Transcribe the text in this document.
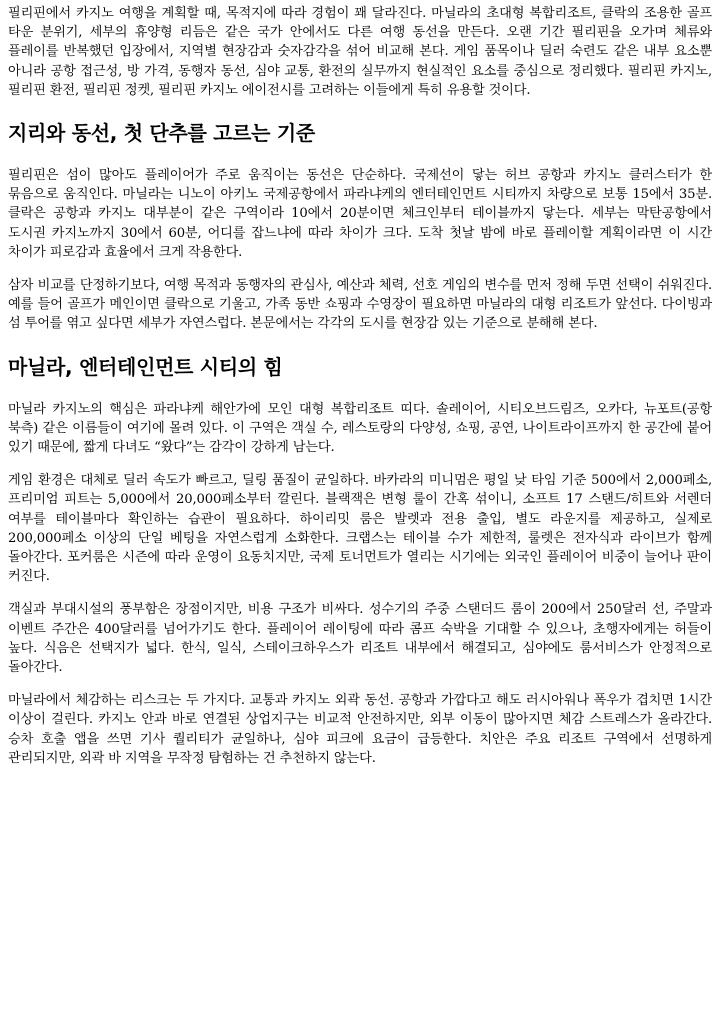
필리핀에서 카지노 여행을 계획할 때, 목적지에 따라 경험이 꽤 달라진다. 마닐라의 초대형 복합리조트, 클락의 조용한 골프 타운 분위기, 세부의 휴양형 리듬은 같은 국가 안에서도 다른 여행 동선을 만든다. 오랜 기간 필리핀을 오가며 체류와 플레이를 반복했던 입장에서, 지역별 현장감과 숫자감각을 섞어 비교해 본다. 게임 품목이나 딜러 숙련도 같은 내부 요소뿐 아니라 공항 접근성, 방 가격, 동행자 동선, 심야 교통, 환전의 실무까지 현실적인 요소를 중심으로 정리했다. 필리핀 카지노, 필리핀 환전, 필리핀 정켓, 필리핀 카지노 에이전시를 고려하는 이들에게 특히 유용할 것이다.

지리와 동선, 첫 단추를 고르는 기준

필리핀은 섬이 많아도 플레이어가 주로 움직이는 동선은 단순하다. 국제선이 닿는 허브 공항과 카지노 클러스터가 한 묶음으로 움직인다. 마닐라는 니노이 아키노 국제공항에서 파라냐케의 엔터테인먼트 시티까지 차량으로 보통 15에서 35분. 클락은 공항과 카지노 대부분이 같은 구역이라 10에서 20분이면 체크인부터 테이블까지 닿는다. 세부는 막탄공항에서 도시권 카지노까지 30에서 60분, 어디를 잡느냐에 따라 차이가 크다. 도착 첫날 밤에 바로 플레이할 계획이라면 이 시간 차이가 피로감과 효율에서 크게 작용한다.

삼자 비교를 단정하기보다, 여행 목적과 동행자의 관심사, 예산과 체력, 선호 게임의 변수를 먼저 정해 두면 선택이 쉬워진다. 예를 들어 골프가 메인이면 클락으로 기울고, 가족 동반 쇼핑과 수영장이 필요하면 마닐라의 대형 리조트가 앞선다. 다이빙과 섬 투어를 엮고 싶다면 세부가 자연스럽다. 본문에서는 각각의 도시를 현장감 있는 기준으로 분해해 본다.

마닐라, 엔터테인먼트 시티의 힘

마닐라 카지노의 핵심은 파라냐케 해안가에 모인 대형 복합리조트 띠다. 솔레이어, 시티오브드림즈, 오카다, 뉴포트(공항 북측) 같은 이름들이 여기에 몰려 있다. 이 구역은 객실 수, 레스토랑의 다양성, 쇼핑, 공연, 나이트라이프까지 한 공간에 붙어 있기 때문에, 짧게 다녀도 “왔다”는 감각이 강하게 남는다.

게임 환경은 대체로 딜러 속도가 빠르고, 딜링 품질이 균일하다. 바카라의 미니멈은 평일 낮 타임 기준 500에서 2,000페소, 프리미엄 피트는 5,000에서 20,000페소부터 깔린다. 블랙잭은 변형 룰이 간혹 섞이니, 소프트 17 스탠드/히트와 서렌더 여부를 테이블마다 확인하는 습관이 필요하다. 하이리밋 룸은 발렛과 전용 출입, 별도 라운지를 제공하고, 실제로 200,000페소 이상의 단일 베팅을 자연스럽게 소화한다. 크랩스는 테이블 수가 제한적, 룰렛은 전자식과 라이브가 함께 돌아간다. 포커룸은 시즌에 따라 운영이 요동치지만, 국제 토너먼트가 열리는 시기에는 외국인 플레이어 비중이 늘어나 판이 커진다.

객실과 부대시설의 풍부함은 장점이지만, 비용 구조가 비싸다. 성수기의 주중 스탠더드 룸이 200에서 250달러 선, 주말과 이벤트 주간은 400달러를 넘어가기도 한다. 플레이어 레이팅에 따라 콤프 숙박을 기대할 수 있으나, 초행자에게는 허들이 높다. 식음은 선택지가 넓다. 한식, 일식, 스테이크하우스가 리조트 내부에서 해결되고, 심야에도 룸서비스가 안정적으로 돌아간다.

마닐라에서 체감하는 리스크는 두 가지다. 교통과 카지노 외곽 동선. 공항과 가깝다고 해도 러시아워나 폭우가 겹치면 1시간 이상이 걸린다. 카지노 안과 바로 연결된 상업지구는 비교적 안전하지만, 외부 이동이 많아지면 체감 스트레스가 올라간다. 승차 호출 앱을 쓰면 기사 퀄리티가 균일하나, 심야 피크에 요금이 급등한다. 치안은 주요 리조트 구역에서 선명하게 관리되지만, 외곽 바 지역을 무작정 탐험하는 건 추천하지 않는다.
